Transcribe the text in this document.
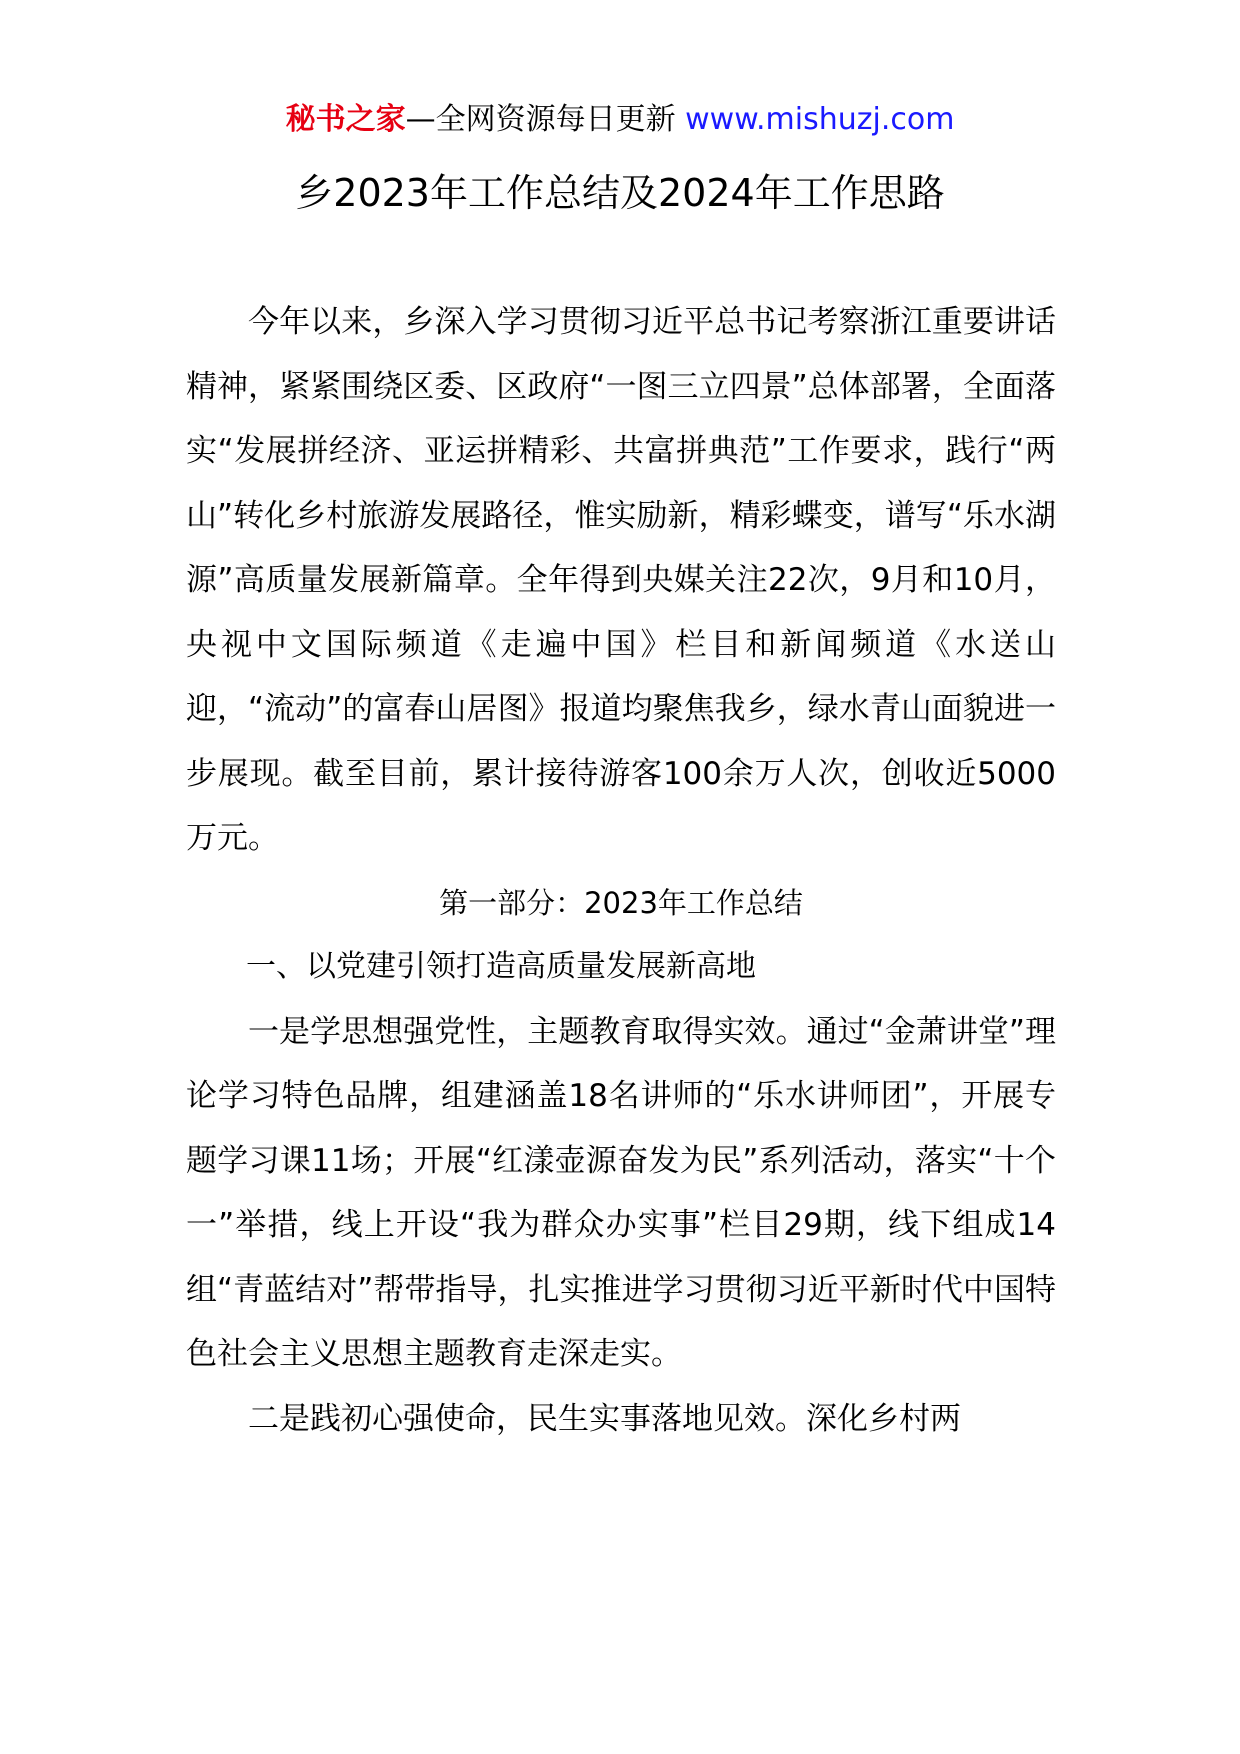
秘书之家—全网资源每日更新 www.mishuzj.com
乡2023年工作总结及2024年工作思路

今年以来，乡深入学习贯彻习近平总书记考察浙江重要讲话精神，紧紧围绕区委、区政府“一图三立四景”总体部署，全面落实“发展拼经济、亚运拼精彩、共富拼典范”工作要求，践行“两山”转化乡村旅游发展路径，惟实励新，精彩蝶变，谱写“乐水湖源”高质量发展新篇章。全年得到央媒关注22次，9月和10月，央视中文国际频道《走遍中国》栏目和新闻频道《水送山迎，“流动”的富春山居图》报道均聚焦我乡，绿水青山面貌进一步展现。截至目前，累计接待游客100余万人次，创收近5000万元。

第一部分：2023年工作总结

一、以党建引领打造高质量发展新高地

一是学思想强党性，主题教育取得实效。通过“金萧讲堂”理论学习特色品牌，组建涵盖18名讲师的“乐水讲师团”，开展专题学习课11场；开展“红漾壶源奋发为民”系列活动，落实“十个一”举措，线上开设“我为群众办实事”栏目29期，线下组成14组“青蓝结对”帮带指导，扎实推进学习贯彻习近平新时代中国特色社会主义思想主题教育走深走实。

二是践初心强使命，民生实事落地见效。深化乡村两
